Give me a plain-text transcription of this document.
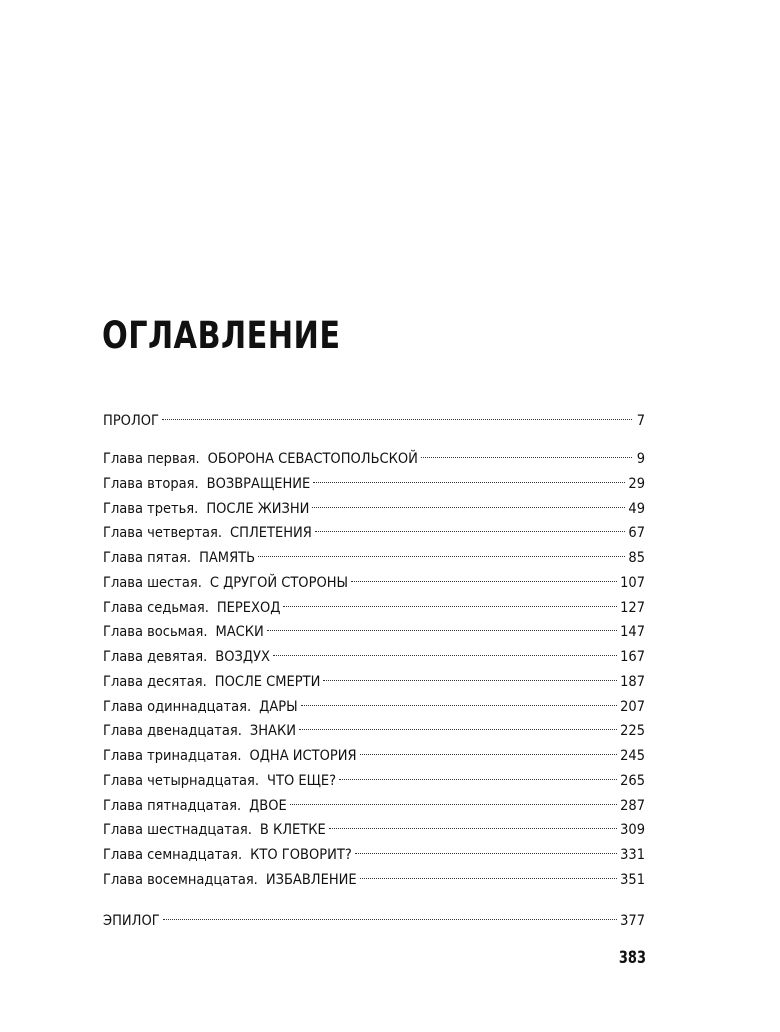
ОГЛАВЛЕНИЕ
ПРОЛОГ	7
Глава первая. ОБОРОНА СЕВАСТОПОЛЬСКОЙ	9
Глава вторая. ВОЗВРАЩЕНИЕ	29
Глава третья. ПОСЛЕ ЖИЗНИ	49
Глава четвертая. СПЛЕТЕНИЯ	67
Глава пятая. ПАМЯТЬ	85
Глава шестая. С ДРУГОЙ СТОРОНЫ	107
Глава седьмая. ПЕРЕХОД	127
Глава восьмая. МАСКИ	147
Глава девятая. ВОЗДУХ	167
Глава десятая. ПОСЛЕ СМЕРТИ	187
Глава одиннадцатая. ДАРЫ	207
Глава двенадцатая. ЗНАКИ	225
Глава тринадцатая. ОДНА ИСТОРИЯ	245
Глава четырнадцатая. ЧТО ЕЩЕ?	265
Глава пятнадцатая. ДВОЕ	287
Глава шестнадцатая. В КЛЕТКЕ	309
Глава семнадцатая. КТО ГОВОРИТ?	331
Глава восемнадцатая. ИЗБАВЛЕНИЕ	351
ЭПИЛОГ	377
383
